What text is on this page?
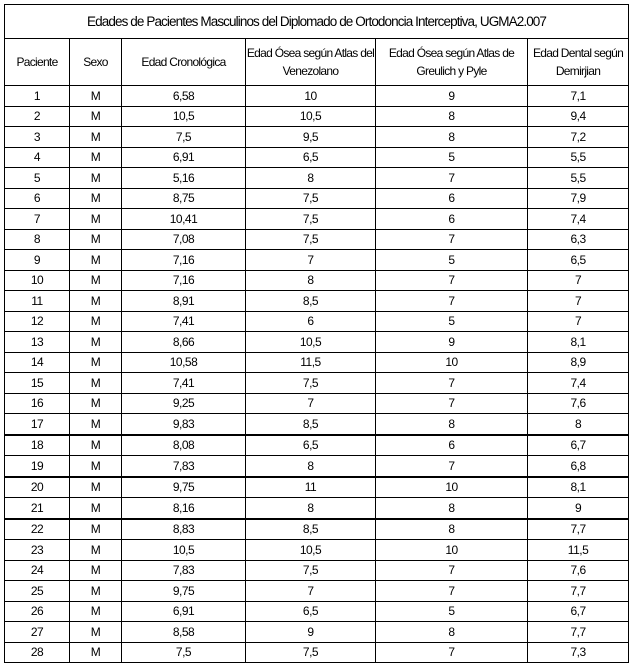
Edades de Pacientes Masculinos del Diplomado de Ortodoncia Interceptiva, UGMA2.007					
Paciente	Sexo	Edad Cronológica	Edad Ósea según Atlas del Venezolano	Edad Ósea según Atlas de Greulich y Pyle	Edad Dental según Demirjian
1	M	6,58	10	9	7,1
2	M	10,5	10,5	8	9,4
3	M	7,5	9,5	8	7,2
4	M	6,91	6,5	5	5,5
5	M	5,16	8	7	5,5
6	M	8,75	7,5	6	7,9
7	M	10,41	7,5	6	7,4
8	M	7,08	7,5	7	6,3
9	M	7,16	7	5	6,5
10	M	7,16	8	7	7
11	M	8,91	8,5	7	7
12	M	7,41	6	5	7
13	M	8,66	10,5	9	8,1
14	M	10,58	11,5	10	8,9
15	M	7,41	7,5	7	7,4
16	M	9,25	7	7	7,6
17	M	9,83	8,5	8	8
18	M	8,08	6,5	6	6,7
19	M	7,83	8	7	6,8
20	M	9,75	11	10	8,1
21	M	8,16	8	8	9
22	M	8,83	8,5	8	7,7
23	M	10,5	10,5	10	11,5
24	M	7,83	7,5	7	7,6
25	M	9,75	7	7	7,7
26	M	6,91	6,5	5	6,7
27	M	8,58	9	8	7,7
28	M	7,5	7,5	7	7,3
